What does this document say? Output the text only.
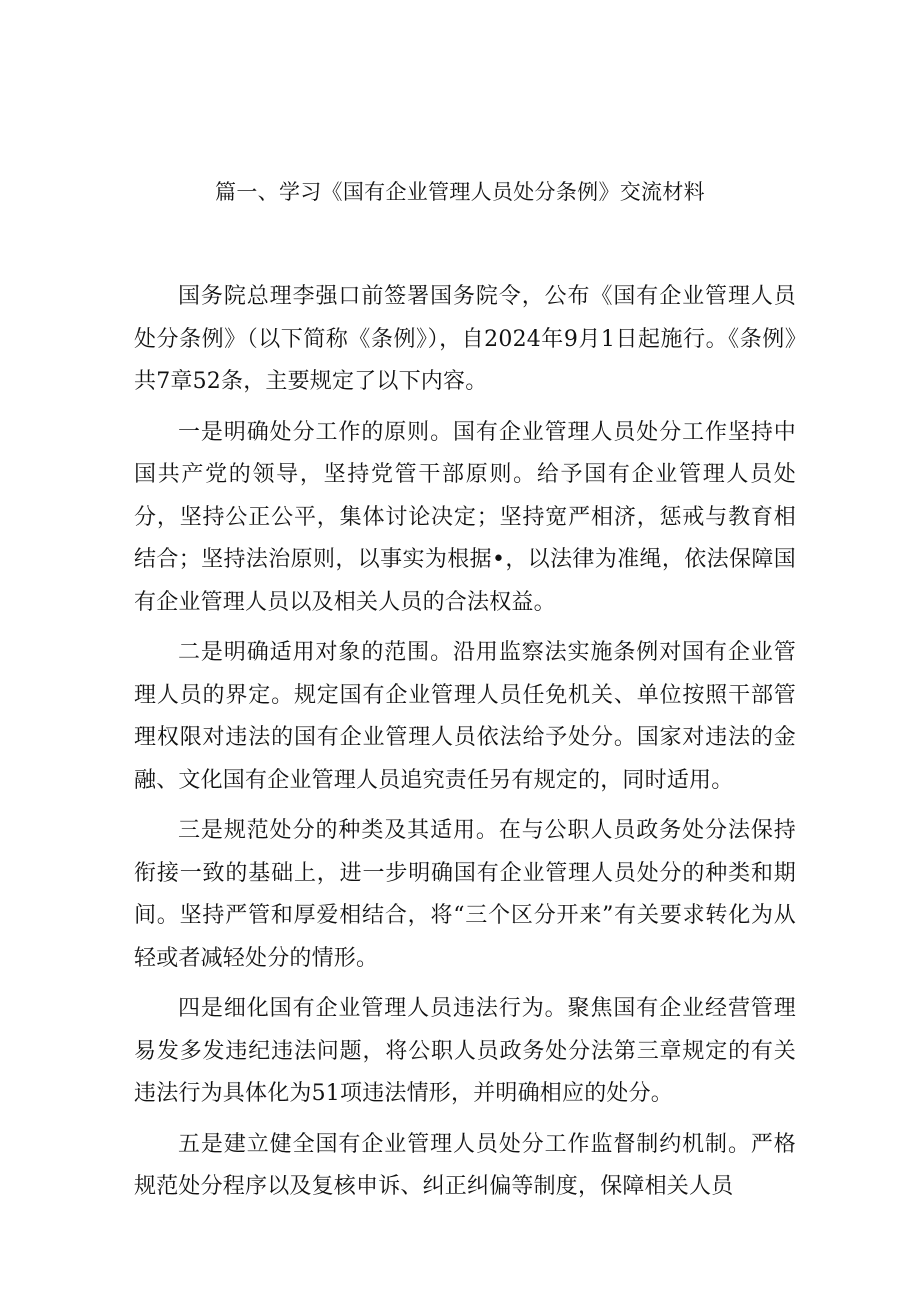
篇一、学习《国有企业管理人员处分条例》交流材料

国务院总理李强口前签署国务院令，公布《国有企业管理人员处分条例》（以下简称《条例》），自2024年9月1日起施行。《条例》共7章52条，主要规定了以下内容。

一是明确处分工作的原则。国有企业管理人员处分工作坚持中国共产党的领导，坚持党管干部原则。给予国有企业管理人员处分，坚持公正公平，集体讨论决定；坚持宽严相济，惩戒与教育相结合；坚持法治原则，以事实为根据•，以法律为准绳，依法保障国有企业管理人员以及相关人员的合法权益。

二是明确适用对象的范围。沿用监察法实施条例对国有企业管理人员的界定。规定国有企业管理人员任免机关、单位按照干部管理权限对违法的国有企业管理人员依法给予处分。国家对违法的金融、文化国有企业管理人员追究责任另有规定的，同时适用。

三是规范处分的种类及其适用。在与公职人员政务处分法保持衔接一致的基础上，进一步明确国有企业管理人员处分的种类和期间。坚持严管和厚爱相结合，将“三个区分开来”有关要求转化为从轻或者减轻处分的情形。

四是细化国有企业管理人员违法行为。聚焦国有企业经营管理易发多发违纪违法问题，将公职人员政务处分法第三章规定的有关违法行为具体化为51项违法情形，并明确相应的处分。

五是建立健全国有企业管理人员处分工作监督制约机制。严格规范处分程序以及复核申诉、纠正纠偏等制度，保障相关人员
